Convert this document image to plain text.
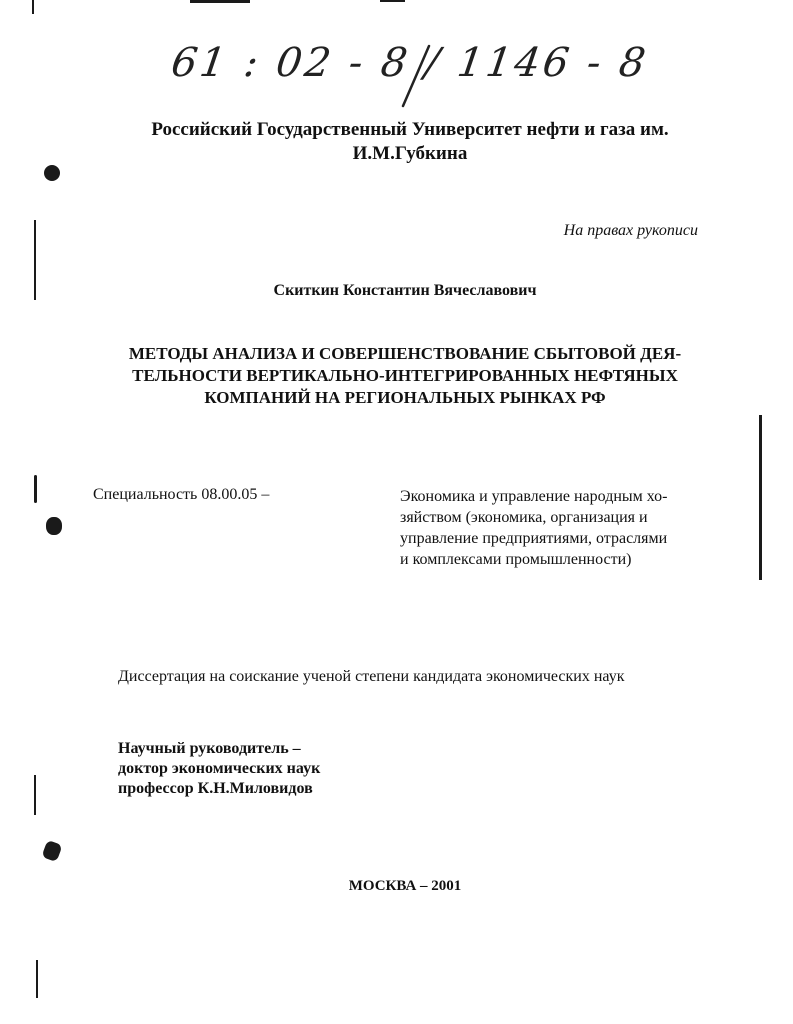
61 : 02 - 8 / 1146 - 8
Российский Государственный Университет нефти и газа им.
И.М.Губкина
На правах рукописи
Скиткин Константин Вячеславович
МЕТОДЫ АНАЛИЗА И СОВЕРШЕНСТВОВАНИЕ СБЫТОВОЙ ДЕЯ-
ТЕЛЬНОСТИ ВЕРТИКАЛЬНО-ИНТЕГРИРОВАННЫХ НЕФТЯНЫХ
КОМПАНИЙ НА РЕГИОНАЛЬНЫХ РЫНКАХ РФ
Специальность 08.00.05 –	Экономика и управление народным хо-
зяйством (экономика, организация и
управление предприятиями, отраслями
и комплексами промышленности)
Диссертация на соискание ученой степени кандидата экономических наук
Научный руководитель –
доктор экономических наук
профессор К.Н.Миловидов
МОСКВА – 2001
